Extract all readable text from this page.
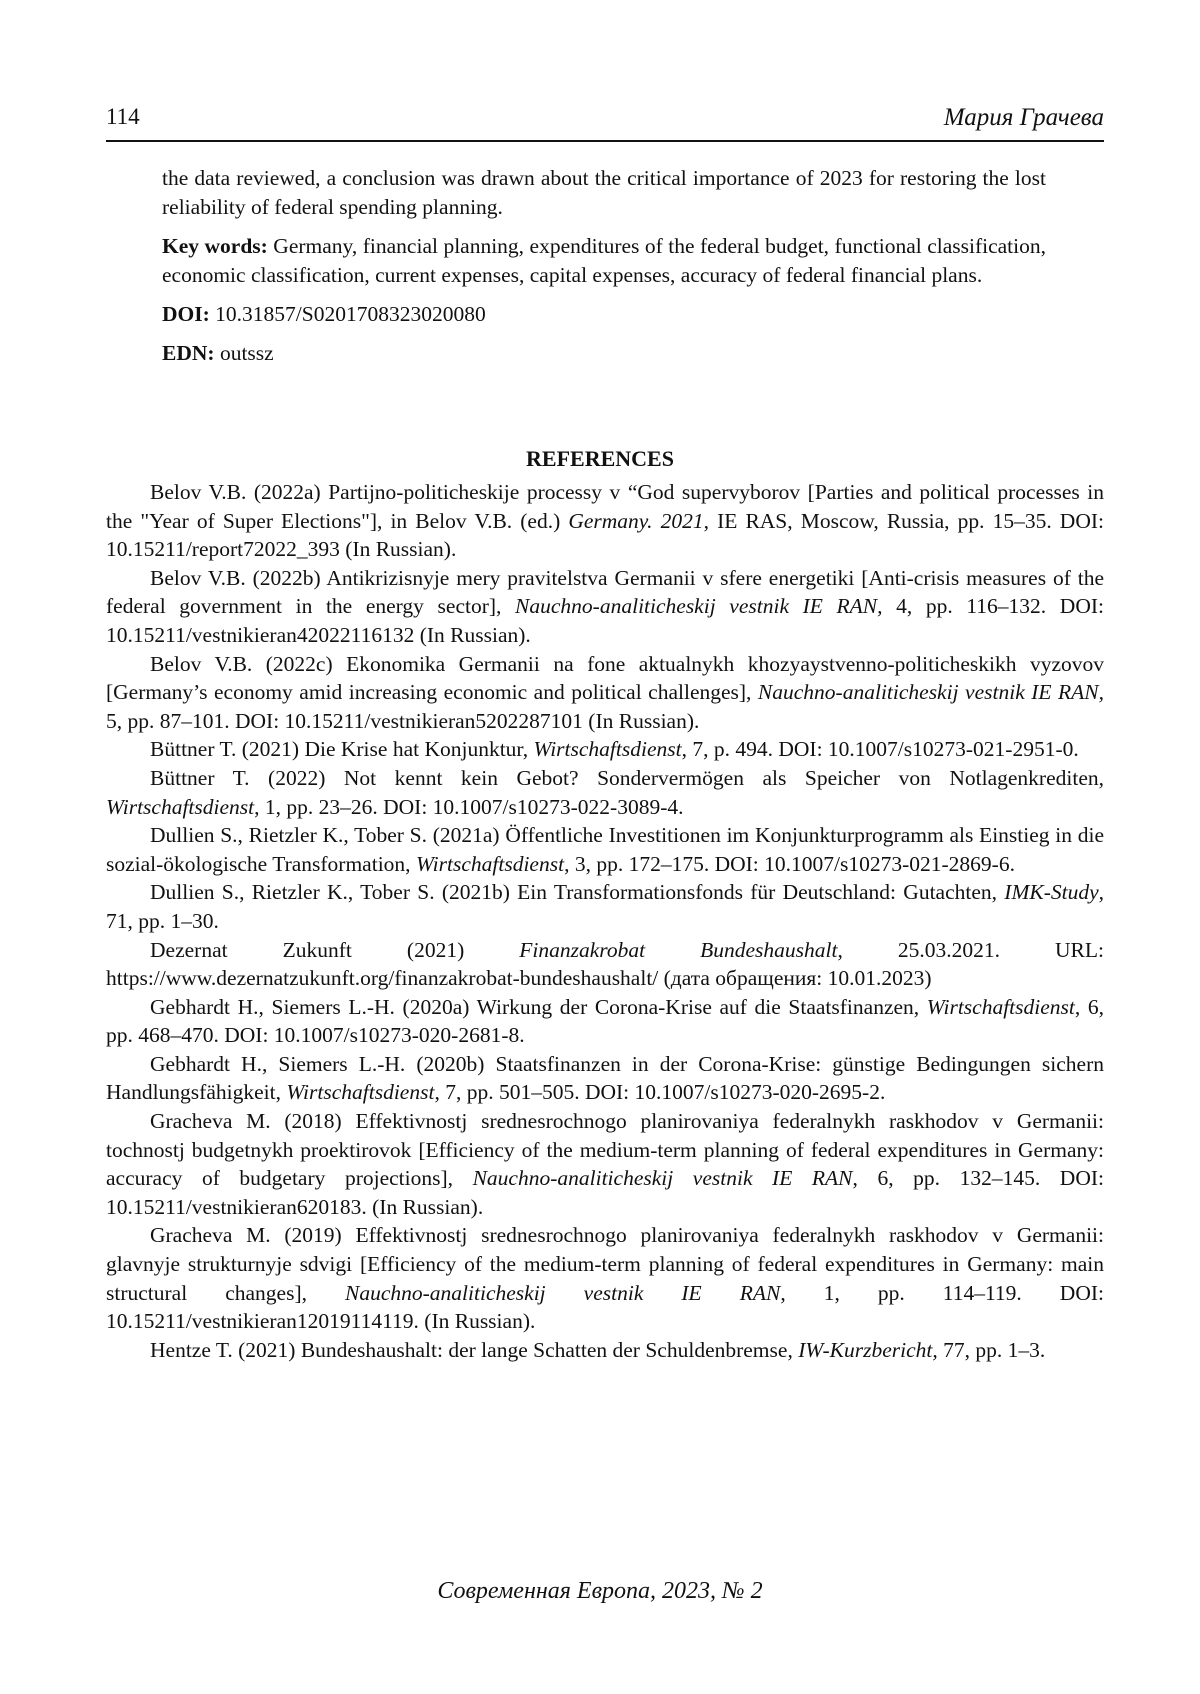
114	Мария Грачева

the data reviewed, a conclusion was drawn about the critical importance of 2023 for restoring the lost reliability of federal spending planning.

Key words: Germany, financial planning, expenditures of the federal budget, functional classification, economic classification, current expenses, capital expenses, accuracy of federal financial plans.

DOI: 10.31857/S0201708323020080

EDN: outssz

REFERENCES

Belov V.B. (2022a) Partijno-politicheskije processy v “God supervyborov [Parties and political processes in the "Year of Super Elections"], in Belov V.B. (ed.) Germany. 2021, IE RAS, Moscow, Russia, pp. 15–35. DOI: 10.15211/report72022_393 (In Russian).

Belov V.B. (2022b) Antikrizisnyje mery pravitelstva Germanii v sfere energetiki [Anti-crisis measures of the federal government in the energy sector], Nauchno-analiticheskij vestnik IE RAN, 4, pp. 116–132. DOI: 10.15211/vestnikieran42022116132 (In Russian).

Belov V.B. (2022c) Ekonomika Germanii na fone aktualnykh khozyaystvenno-politicheskikh vyzovov [Germany’s economy amid increasing economic and political challenges], Nauchno-analiticheskij vestnik IE RAN, 5, pp. 87–101. DOI: 10.15211/vestnikieran5202287101 (In Russian).

Büttner T. (2021) Die Krise hat Konjunktur, Wirtschaftsdienst, 7, p. 494. DOI: 10.1007/s10273-021-2951-0.

Büttner T. (2022) Not kennt kein Gebot? Sondervermögen als Speicher von Notlagenkrediten, Wirtschaftsdienst, 1, pp. 23–26. DOI: 10.1007/s10273-022-3089-4.

Dullien S., Rietzler K., Tober S. (2021a) Öffentliche Investitionen im Konjunkturprogramm als Einstieg in die sozial-ökologische Transformation, Wirtschaftsdienst, 3, pp. 172–175. DOI: 10.1007/s10273-021-2869-6.

Dullien S., Rietzler K., Tober S. (2021b) Ein Transformationsfonds für Deutschland: Gutachten, IMK-Study, 71, pp. 1–30.

Dezernat Zukunft (2021) Finanzakrobat Bundeshaushalt, 25.03.2021. URL: https://www.dezernatzukunft.org/finanzakrobat-bundeshaushalt/ (дата обращения: 10.01.2023)

Gebhardt H., Siemers L.-H. (2020a) Wirkung der Corona-Krise auf die Staatsfinanzen, Wirtschaftsdienst, 6, pp. 468–470. DOI: 10.1007/s10273-020-2681-8.

Gebhardt H., Siemers L.-H. (2020b) Staatsfinanzen in der Corona-Krise: günstige Bedingungen sichern Handlungsfähigkeit, Wirtschaftsdienst, 7, pp. 501–505. DOI: 10.1007/s10273-020-2695-2.

Gracheva M. (2018) Effektivnostj srednesrochnogo planirovaniya federalnykh raskhodov v Germanii: tochnostj budgetnykh proektirovok [Efficiency of the medium-term planning of federal expenditures in Germany: accuracy of budgetary projections], Nauchno-analiticheskij vestnik IE RAN, 6, pp. 132–145. DOI: 10.15211/vestnikieran620183. (In Russian).

Gracheva M. (2019) Effektivnostj srednesrochnogo planirovaniya federalnykh raskhodov v Germanii: glavnyje strukturnyje sdvigi [Efficiency of the medium-term planning of federal expenditures in Germany: main structural changes], Nauchno-analiticheskij vestnik IE RAN, 1, pp. 114–119. DOI: 10.15211/vestnikieran12019114119. (In Russian).

Hentze T. (2021) Bundeshaushalt: der lange Schatten der Schuldenbremse, IW-Kurzbericht, 77, pp. 1–3.

Современная Европа, 2023, № 2
